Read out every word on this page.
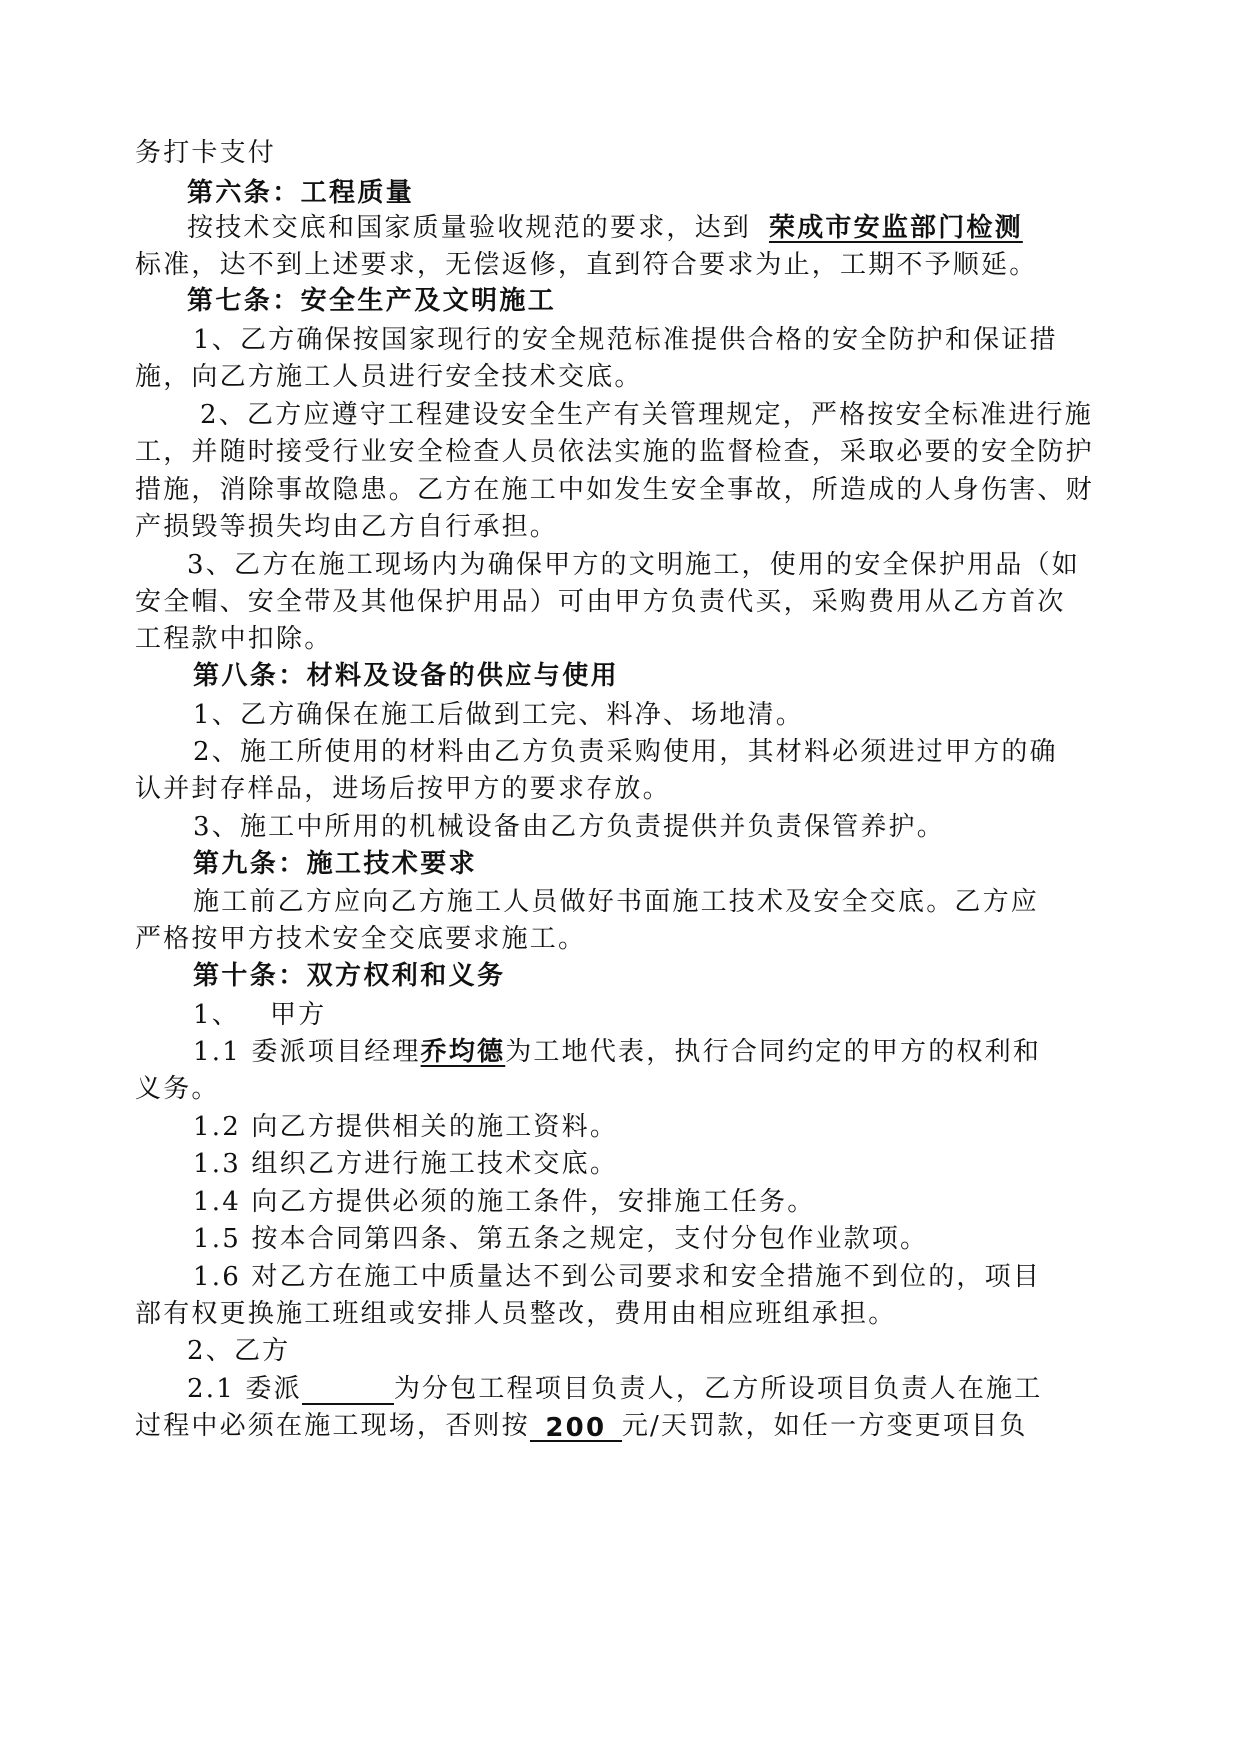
务打卡支付

第六条：工程质量

按技术交底和国家质量验收规范的要求，达到 荣成市安监部门检测

标准，达不到上述要求，无偿返修，直到符合要求为止，工期不予顺延。

第七条：安全生产及文明施工

1、乙方确保按国家现行的安全规范标准提供合格的安全防护和保证措

施，向乙方施工人员进行安全技术交底。

2、乙方应遵守工程建设安全生产有关管理规定，严格按安全标准进行施

工，并随时接受行业安全检查人员依法实施的监督检查，采取必要的安全防护

措施，消除事故隐患。乙方在施工中如发生安全事故，所造成的人身伤害、财

产损毁等损失均由乙方自行承担。

3、乙方在施工现场内为确保甲方的文明施工，使用的安全保护用品（如

安全帽、安全带及其他保护用品）可由甲方负责代买，采购费用从乙方首次

工程款中扣除。

第八条：材料及设备的供应与使用

1、乙方确保在施工后做到工完、料净、场地清。

2、施工所使用的材料由乙方负责采购使用，其材料必须进过甲方的确

认并封存样品，进场后按甲方的要求存放。

3、施工中所用的机械设备由乙方负责提供并负责保管养护。

第九条：施工技术要求

施工前乙方应向乙方施工人员做好书面施工技术及安全交底。乙方应

严格按甲方技术安全交底要求施工。

第十条：双方权利和义务

1、 甲方

1.1 委派项目经理乔均德为工地代表，执行合同约定的甲方的权利和

义务。

1.2 向乙方提供相关的施工资料。

1.3 组织乙方进行施工技术交底。

1.4 向乙方提供必须的施工条件，安排施工任务。

1.5 按本合同第四条、第五条之规定，支付分包作业款项。

1.6 对乙方在施工中质量达不到公司要求和安全措施不到位的，项目

部有权更换施工班组或安排人员整改，费用由相应班组承担。

2、乙方

2.1 委派	为分包工程项目负责人，乙方所设项目负责人在施工

过程中必须在施工现场，否则按 200 元/天罚款，如任一方变更项目负
